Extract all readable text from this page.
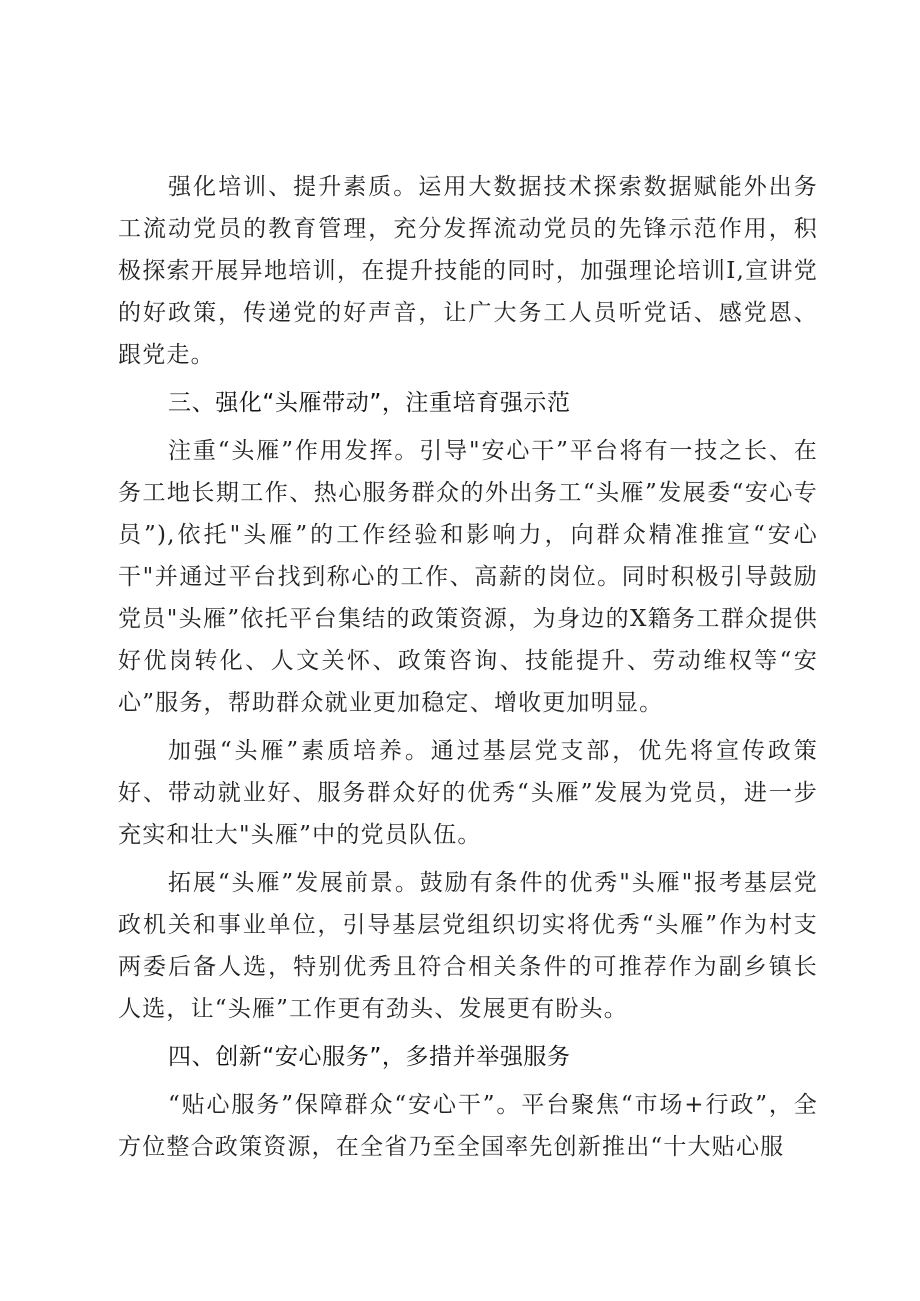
强化培训、提升素质。运用大数据技术探索数据赋能外出务工流动党员的教育管理，充分发挥流动党员的先锋示范作用，积极探索开展异地培训，在提升技能的同时，加强理论培训I,宣讲党的好政策，传递党的好声音，让广大务工人员听党话、感党恩、跟党走。

三、强化“头雁带动”，注重培育强示范

注重“头雁”作用发挥。引导"安心干”平台将有一技之长、在务工地长期工作、热心服务群众的外出务工“头雁”发展委“安心专员”),依托"头雁”的工作经验和影响力，向群众精准推宣“安心干"并通过平台找到称心的工作、高薪的岗位。同时积极引导鼓励党员"头雁”依托平台集结的政策资源，为身边的X籍务工群众提供好优岗转化、人文关怀、政策咨询、技能提升、劳动维权等“安心”服务，帮助群众就业更加稳定、增收更加明显。

加强“头雁”素质培养。通过基层党支部，优先将宣传政策好、带动就业好、服务群众好的优秀“头雁”发展为党员，进一步充实和壮大"头雁”中的党员队伍。

拓展“头雁”发展前景。鼓励有条件的优秀"头雁"报考基层党政机关和事业单位，引导基层党组织切实将优秀“头雁”作为村支两委后备人选，特别优秀且符合相关条件的可推荐作为副乡镇长人选，让“头雁”工作更有劲头、发展更有盼头。

四、创新“安心服务”，多措并举强服务

“贴心服务”保障群众“安心干”。平台聚焦“市场+行政”，全方位整合政策资源，在全省乃至全国率先创新推出“十大贴心服
